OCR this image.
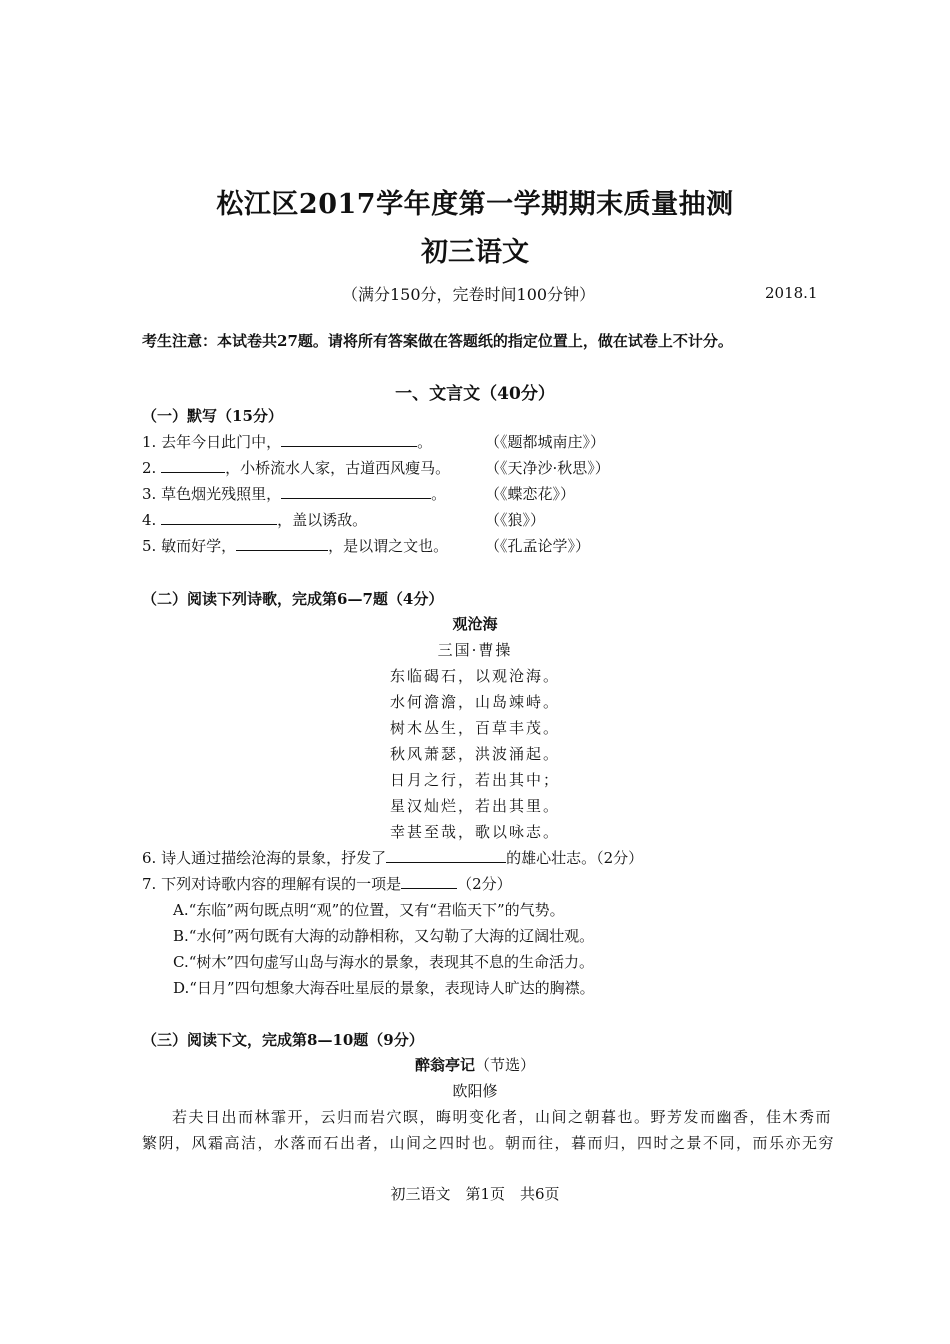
松江区2017学年度第一学期期末质量抽测
初三语文
（满分150分，完卷时间100分钟）	2018.1
考生注意：本试卷共27题。请将所有答案做在答题纸的指定位置上，做在试卷上不计分。
一、文言文（40分）
（一）默写（15分）
1. 去年今日此门中，	。	（《题都城南庄》）
2.	，小桥流水人家，古道西风瘦马。 （《天净沙·秋思》）
3. 草色烟光残照里，	。	（《蝶恋花》）
4.	，盖以诱敌。	（《狼》）
5. 敏而好学，	，是以谓之文也。 （《孔孟论学》）
（二）阅读下列诗歌，完成第6—7题（4分）
观沧海
三国·曹操
东临碣石，以观沧海。
水何澹澹，山岛竦峙。
树木丛生，百草丰茂。
秋风萧瑟，洪波涌起。
日月之行，若出其中；
星汉灿烂，若出其里。
幸甚至哉，歌以咏志。
6. 诗人通过描绘沧海的景象，抒发了	的雄心壮志。（2分）
7. 下列对诗歌内容的理解有误的一项是	（2分）
A.“东临”两句既点明“观”的位置，又有“君临天下”的气势。
B.“水何”两句既有大海的动静相称，又勾勒了大海的辽阔壮观。
C.“树木”四句虚写山岛与海水的景象，表现其不息的生命活力。
D.“日月”四句想象大海吞吐星辰的景象，表现诗人旷达的胸襟。
（三）阅读下文，完成第8—10题（9分）
醉翁亭记（节选）
欧阳修
若夫日出而林霏开，云归而岩穴暝，晦明变化者，山间之朝暮也。野芳发而幽香，佳木秀而
繁阴，风霜高洁，水落而石出者，山间之四时也。朝而往，暮而归，四时之景不同，而乐亦无穷
初三语文　第1页　共6页
